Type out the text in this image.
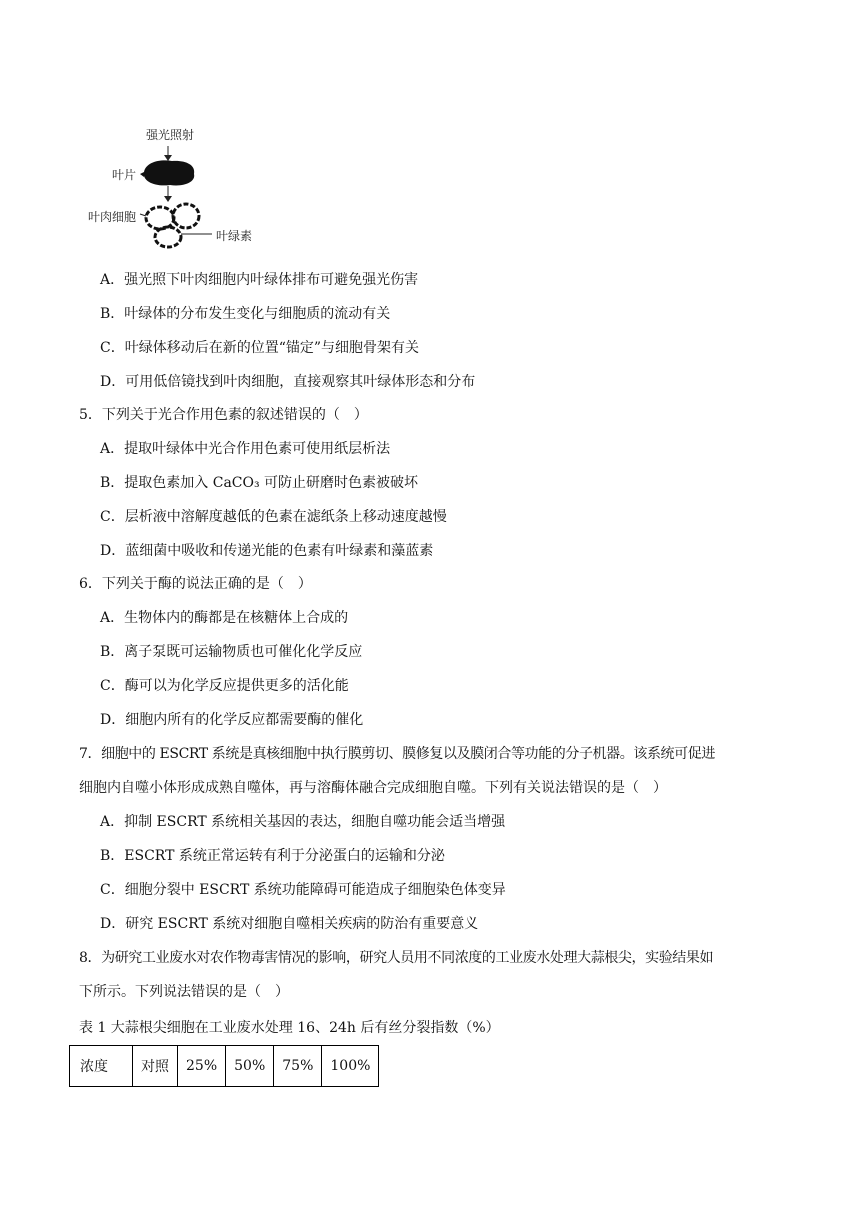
强光照射
叶片
叶肉细胞
叶绿素
A．强光照下叶肉细胞内叶绿体排布可避免强光伤害
B．叶绿体的分布发生变化与细胞质的流动有关
C．叶绿体移动后在新的位置“锚定”与细胞骨架有关
D．可用低倍镜找到叶肉细胞，直接观察其叶绿体形态和分布
5．下列关于光合作用色素的叙述错误的（　）
A．提取叶绿体中光合作用色素可使用纸层析法
B．提取色素加入 CaCO₃ 可防止研磨时色素被破坏
C．层析液中溶解度越低的色素在滤纸条上移动速度越慢
D．蓝细菌中吸收和传递光能的色素有叶绿素和藻蓝素
6．下列关于酶的说法正确的是（　）
A．生物体内的酶都是在核糖体上合成的
B．离子泵既可运输物质也可催化化学反应
C．酶可以为化学反应提供更多的活化能
D．细胞内所有的化学反应都需要酶的催化
7．细胞中的 ESCRT 系统是真核细胞中执行膜剪切、膜修复以及膜闭合等功能的分子机器。该系统可促进
细胞内自噬小体形成成熟自噬体，再与溶酶体融合完成细胞自噬。下列有关说法错误的是（　）
A．抑制 ESCRT 系统相关基因的表达，细胞自噬功能会适当增强
B．ESCRT 系统正常运转有利于分泌蛋白的运输和分泌
C．细胞分裂中 ESCRT 系统功能障碍可能造成子细胞染色体变异
D．研究 ESCRT 系统对细胞自噬相关疾病的防治有重要意义
8．为研究工业废水对农作物毒害情况的影响，研究人员用不同浓度的工业废水处理大蒜根尖，实验结果如
下所示。下列说法错误的是（　）
表 1 大蒜根尖细胞在工业废水处理 16、24h 后有丝分裂指数（%）
浓度	对照	25%	50%	75%	100%
